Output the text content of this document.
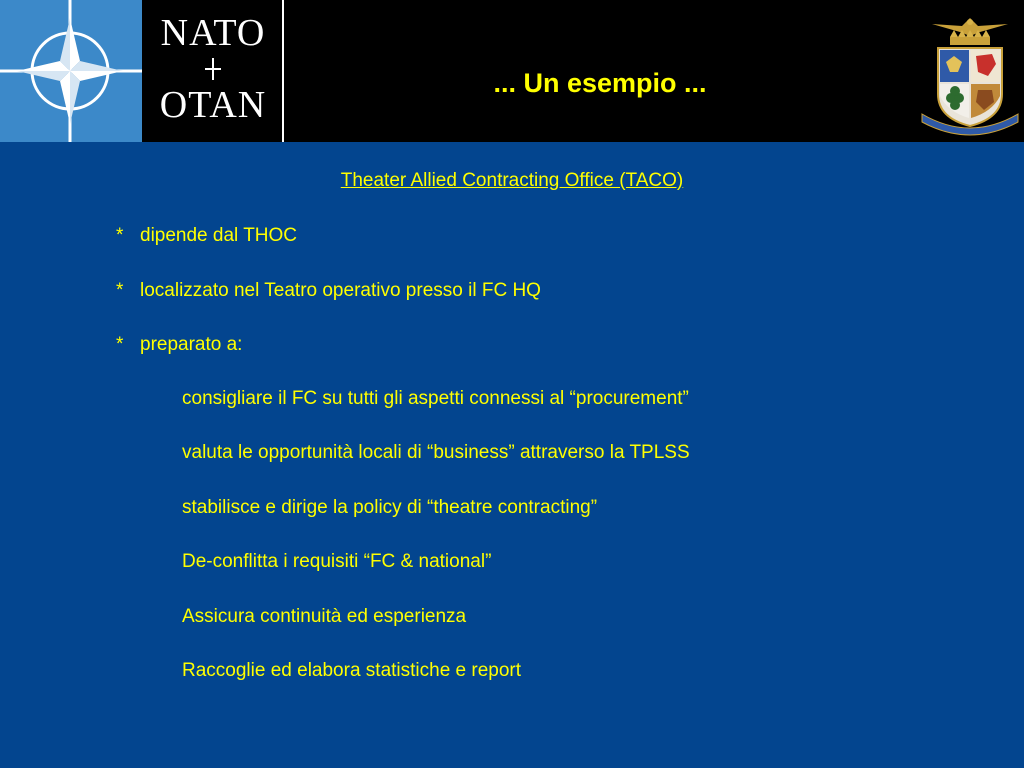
NATO
OTAN
... Un esempio ...
Theater Allied Contracting Office (TACO)
* dipende dal THOC
* localizzato nel Teatro operativo presso il FC HQ
* preparato a:
consigliare il FC su tutti gli aspetti connessi al “procurement”
valuta le opportunità locali di “business” attraverso la TPLSS
stabilisce e dirige la policy di “theatre contracting”
De-conflitta i requisiti “FC & national”
Assicura continuità ed esperienza
Raccoglie ed elabora statistiche e report
